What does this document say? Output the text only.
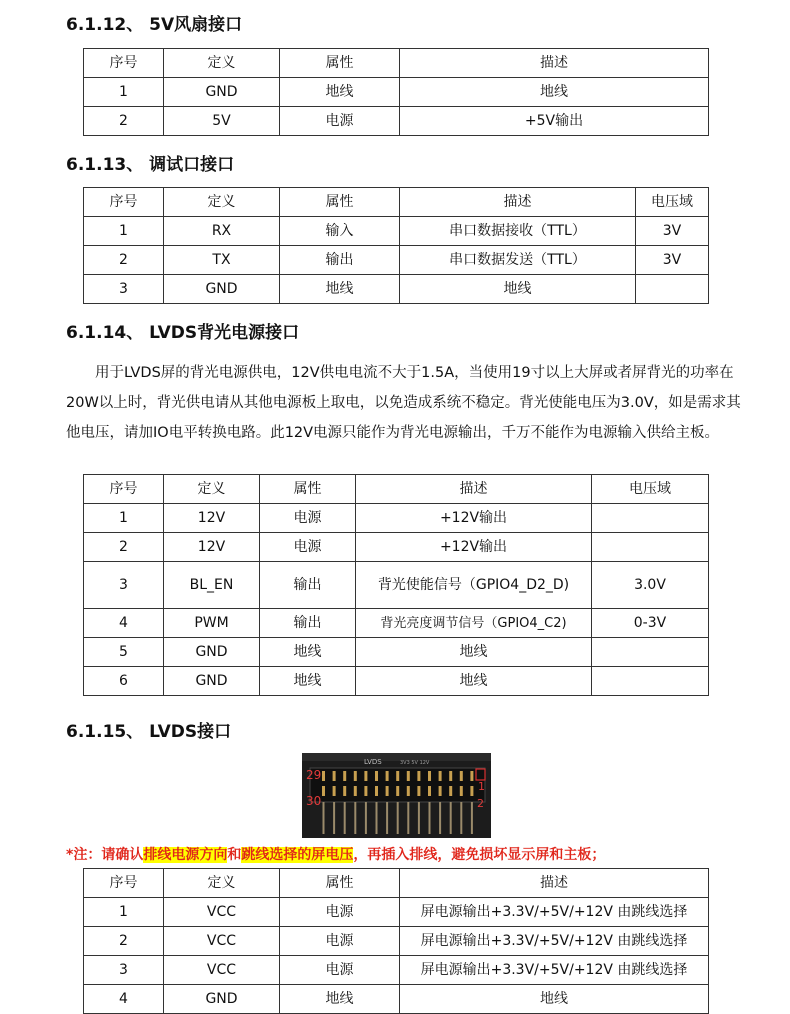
6.1.12、 5V风扇接口
序号	定义	属性	描述
1	GND	地线	地线
2	5V	电源	+5V输出
6.1.13、 调试口接口
序号	定义	属性	描述	电压域
1	RX	输入	串口数据接收（TTL）	3V
2	TX	输出	串口数据发送（TTL）	3V
3	GND	地线	地线	
6.1.14、 LVDS背光电源接口

用于LVDS屏的背光电源供电，12V供电电流不大于1.5A，当使用19寸以上大屏或者屏背光的功率在20W以上时，背光供电请从其他电源板上取电，以免造成系统不稳定。背光使能电压为3.0V，如是需求其他电压，请加IO电平转换电路。此12V电源只能作为背光电源输出，千万不能作为电源输入供给主板。

序号	定义	属性	描述	电压域
1	12V	电源	+12V输出	
2	12V	电源	+12V输出	
3	BL_EN	输出	背光使能信号（GPIO4_D2_D)	3.0V
4	PWM	输出	背光亮度调节信号（GPIO4_C2)	0-3V
5	GND	地线	地线	
6	GND	地线	地线	
6.1.15、 LVDS接口
LVDS	3V3 5V 12V
29
30
1
2

*注：请确认排线电源方向和跳线选择的屏电压，再插入排线，避免损坏显示屏和主板；

序号	定义	属性	描述
1	VCC	电源	屏电源输出+3.3V/+5V/+12V 由跳线选择
2	VCC	电源	屏电源输出+3.3V/+5V/+12V 由跳线选择
3	VCC	电源	屏电源输出+3.3V/+5V/+12V 由跳线选择
4	GND	地线	地线
